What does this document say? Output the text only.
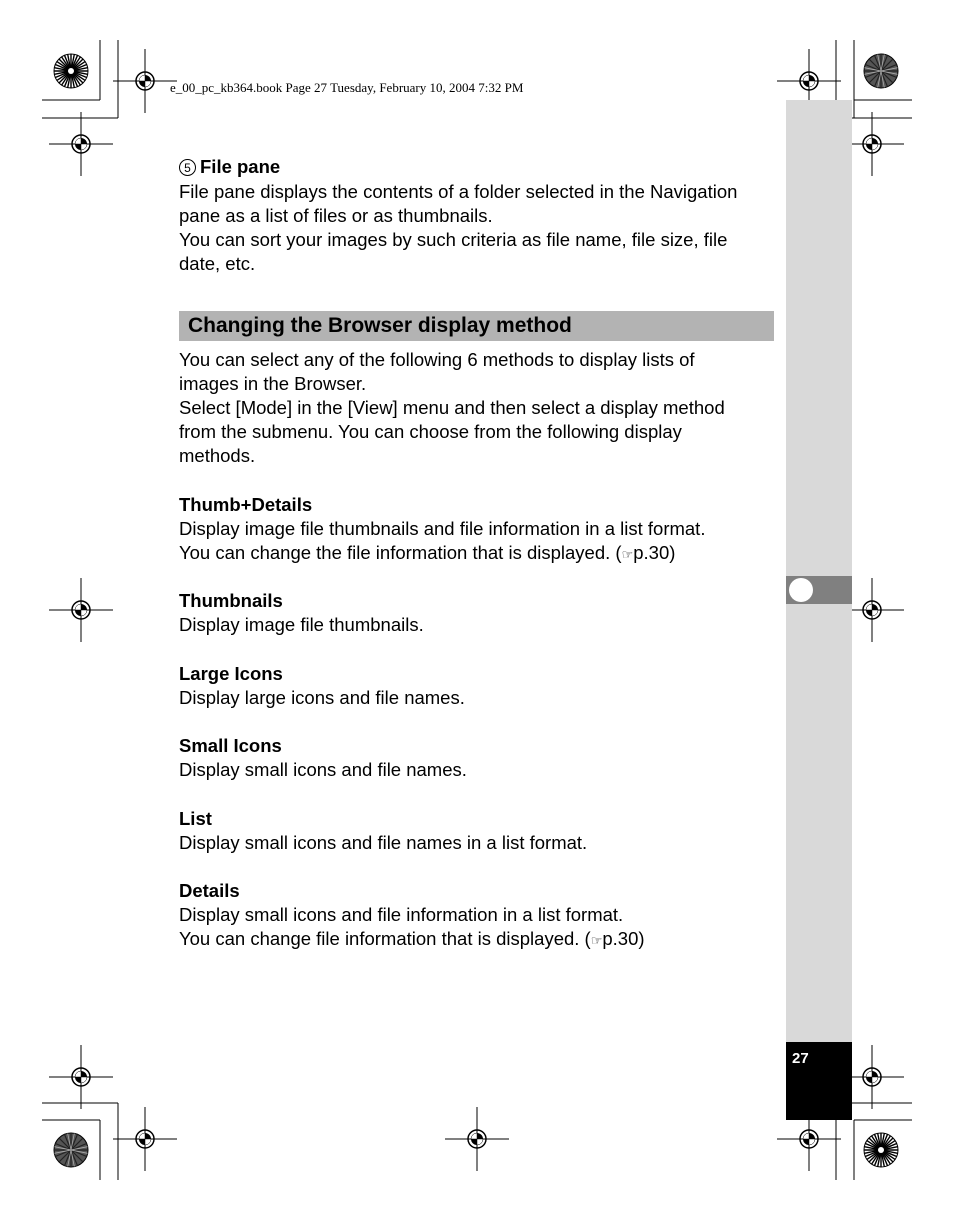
e_00_pc_kb364.book Page 27 Tuesday, February 10, 2004 7:32 PM
27
5 File pane
File pane displays the contents of a folder selected in the Navigation
pane as a list of files or as thumbnails.
You can sort your images by such criteria as file name, file size, file
date, etc.
Changing the Browser display method
You can select any of the following 6 methods to display lists of
images in the Browser.
Select [Mode] in the [View] menu and then select a display method
from the submenu. You can choose from the following display
methods.
Thumb+Details
Display image file thumbnails and file information in a list format.
You can change the file information that is displayed. (☞p.30)
Thumbnails
Display image file thumbnails.
Large Icons
Display large icons and file names.
Small Icons
Display small icons and file names.
List
Display small icons and file names in a list format.
Details
Display small icons and file information in a list format.
You can change file information that is displayed. (☞p.30)
